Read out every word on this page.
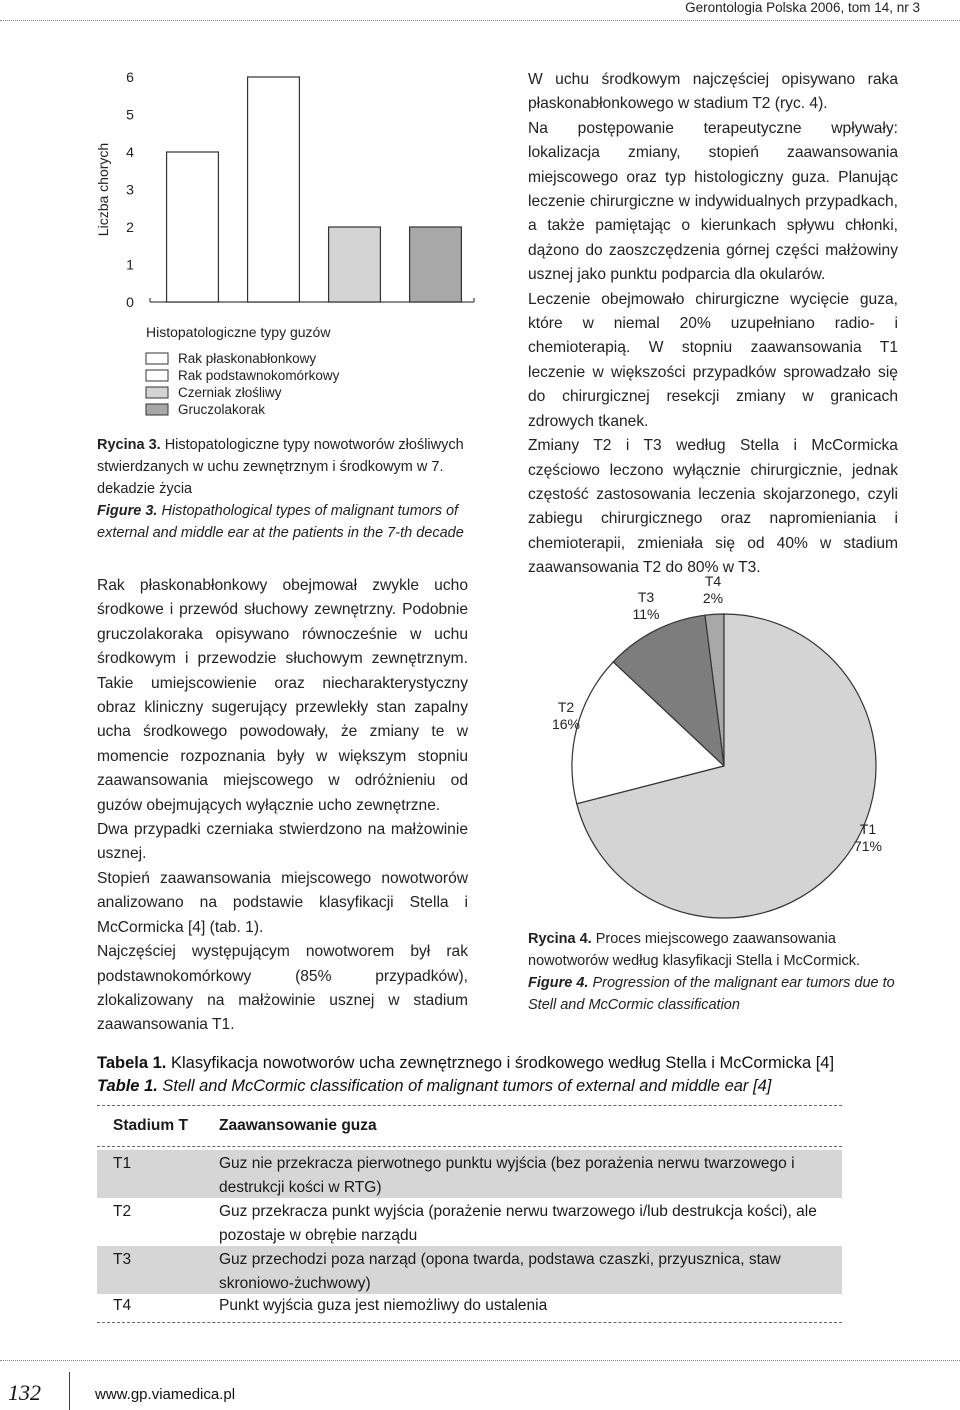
Gerontologia Polska 2006, tom 14, nr 3
Liczba chorych
0
1
2
3
4
5
6
Histopatologiczne typy guzów
Rak płaskonabłonkowy
Rak podstawnokomórkowy
Czerniak złośliwy
Gruczolakorak
Rycina 3. Histopatologiczne typy nowotworów złośliwych stwierdzanych w uchu zewnętrznym i środkowym w 7. dekadzie życia
Figure 3. Histopathological types of malignant tumors of external and middle ear at the patients in the 7-th decade

W uchu środkowym najczęściej opisywano raka płaskonabłonkowego w stadium T2 (ryc. 4).

Na postępowanie terapeutyczne wpływały: lokalizacja zmiany, stopień zaawansowania miejscowego oraz typ histologiczny guza. Planując leczenie chirurgiczne w indywidualnych przypadkach, a także pamiętając o kierunkach spływu chłonki, dążono do zaoszczędzenia górnej części małżowiny usznej jako punktu podparcia dla okularów.

Leczenie obejmowało chirurgiczne wycięcie guza, które w niemal 20% uzupełniano radio- i chemioterapią. W stopniu zaawansowania T1 leczenie w większości przypadków sprowadzało się do chirurgicznej resekcji zmiany w granicach zdrowych tkanek.

Zmiany T2 i T3 według Stella i McCormicka częściowo leczono wyłącznie chirurgicznie, jednak częstość zastosowania leczenia skojarzonego, czyli zabiegu chirurgicznego oraz napromieniania i chemioterapii, zmieniała się od 40% w stadium zaawansowania T2 do 80% w T3.

Rak płaskonabłonkowy obejmował zwykle ucho środkowe i przewód słuchowy zewnętrzny. Podobnie gruczolakoraka opisywano równocześnie w uchu środkowym i przewodzie słuchowym zewnętrznym. Takie umiejscowienie oraz niecharakterystyczny obraz kliniczny sugerujący przewlekły stan zapalny ucha środkowego powodowały, że zmiany te w momencie rozpoznania były w większym stopniu zaawansowania miejscowego w odróżnieniu od guzów obejmujących wyłącznie ucho zewnętrzne.

Dwa przypadki czerniaka stwierdzono na małżowinie usznej.

Stopień zaawansowania miejscowego nowotworów analizowano na podstawie klasyfikacji Stella i McCormicka [4] (tab. 1).

Najczęściej występującym nowotworem był rak podstawnokomórkowy (85% przypadków), zlokalizowany na małżowinie usznej w stadium zaawansowania T1.

T1
71%
T2
16%
T3
11%
T4
2%
Rycina 4. Proces miejscowego zaawansowania nowotworów według klasyfikacji Stella i McCormick.
Figure 4. Progression of the malignant ear tumors due to Stell and McCormic classification
Tabela 1. Klasyfikacja nowotworów ucha zewnętrznego i środkowego według Stella i McCormicka [4]
Table 1. Stell and McCormic classification of malignant tumors of external and middle ear [4]
Stadium T Zaawansowanie guza
T1	Guz nie przekracza pierwotnego punktu wyjścia (bez porażenia nerwu twarzowego i destrukcji kości w RTG)
T2	Guz przekracza punkt wyjścia (porażenie nerwu twarzowego i/lub destrukcja kości), ale pozostaje w obrębie narządu
T3	Guz przechodzi poza narząd (opona twarda, podstawa czaszki, przyusznica, staw skroniowo-żuchwowy)
T4	Punkt wyjścia guza jest niemożliwy do ustalenia
132	www.gp.viamedica.pl
